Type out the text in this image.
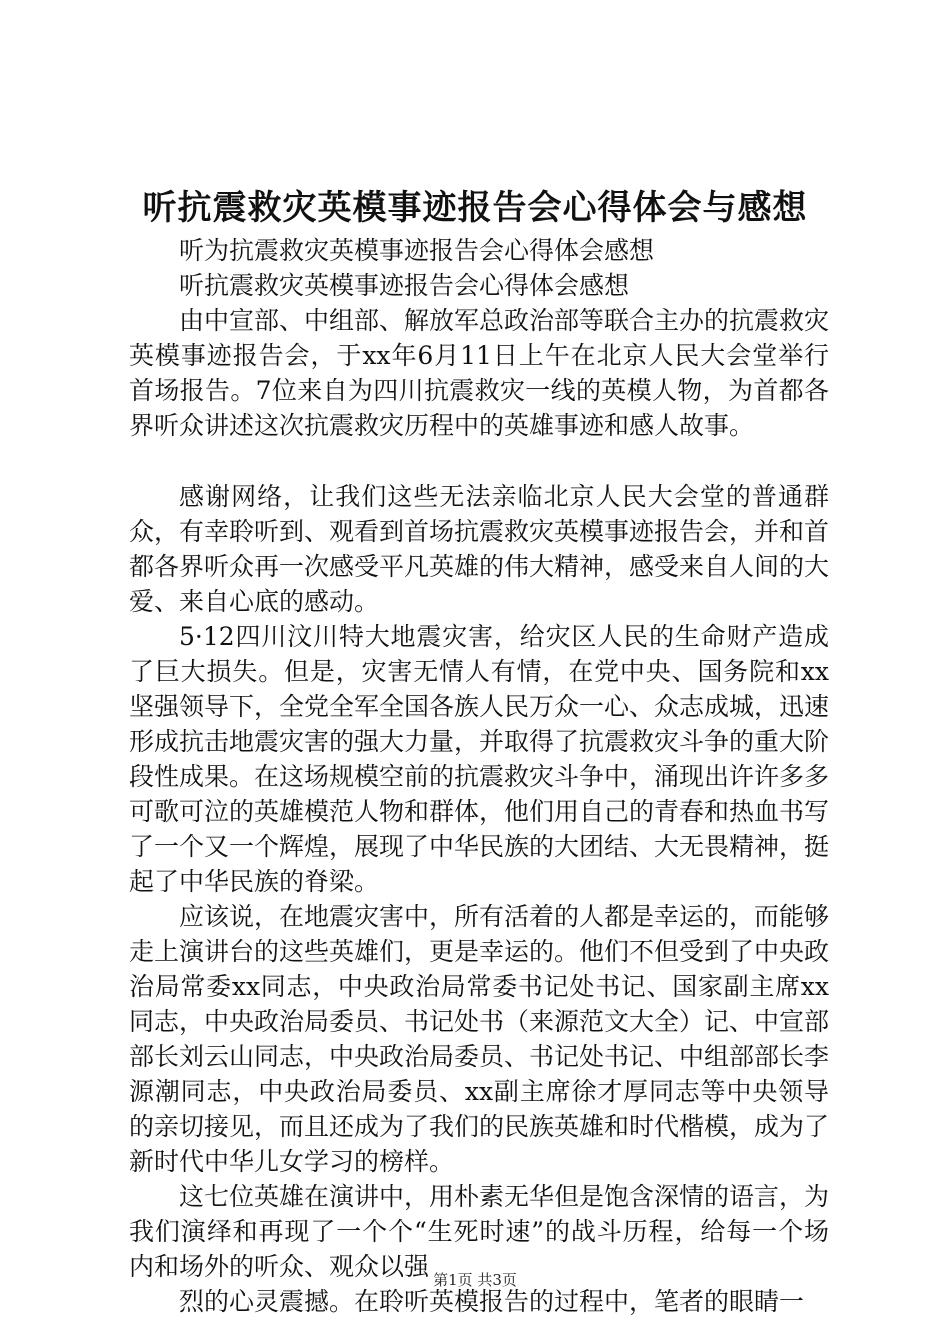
听抗震救灾英模事迹报告会心得体会与感想

听为抗震救灾英模事迹报告会心得体会感想

听抗震救灾英模事迹报告会心得体会感想

由中宣部、中组部、解放军总政治部等联合主办的抗震救灾英模事迹报告会，于xx年6月11日上午在北京人民大会堂举行首场报告。7位来自为四川抗震救灾一线的英模人物，为首都各界听众讲述这次抗震救灾历程中的英雄事迹和感人故事。

感谢网络，让我们这些无法亲临北京人民大会堂的普通群众，有幸聆听到、观看到首场抗震救灾英模事迹报告会，并和首都各界听众再一次感受平凡英雄的伟大精神，感受来自人间的大爱、来自心底的感动。

5·12四川汶川特大地震灾害，给灾区人民的生命财产造成了巨大损失。但是，灾害无情人有情，在党中央、国务院和xx坚强领导下，全党全军全国各族人民万众一心、众志成城，迅速形成抗击地震灾害的强大力量，并取得了抗震救灾斗争的重大阶段性成果。在这场规模空前的抗震救灾斗争中，涌现出许许多多可歌可泣的英雄模范人物和群体，他们用自己的青春和热血书写了一个又一个辉煌，展现了中华民族的大团结、大无畏精神，挺起了中华民族的脊梁。

应该说，在地震灾害中，所有活着的人都是幸运的，而能够走上演讲台的这些英雄们，更是幸运的。他们不但受到了中央政治局常委xx同志，中央政治局常委书记处书记、国家副主席xx同志，中央政治局委员、书记处书（来源范文大全）记、中宣部部长刘云山同志，中央政治局委员、书记处书记、中组部部长李源潮同志，中央政治局委员、xx副主席徐才厚同志等中央领导的亲切接见，而且还成为了我们的民族英雄和时代楷模，成为了新时代中华儿女学习的榜样。

这七位英雄在演讲中，用朴素无华但是饱含深情的语言，为我们演绎和再现了一个个“生死时速”的战斗历程，给每一个场内和场外的听众、观众以强

烈的心灵震撼。在聆听英模报告的过程中，笔者的眼睛一

第1页 共3页
